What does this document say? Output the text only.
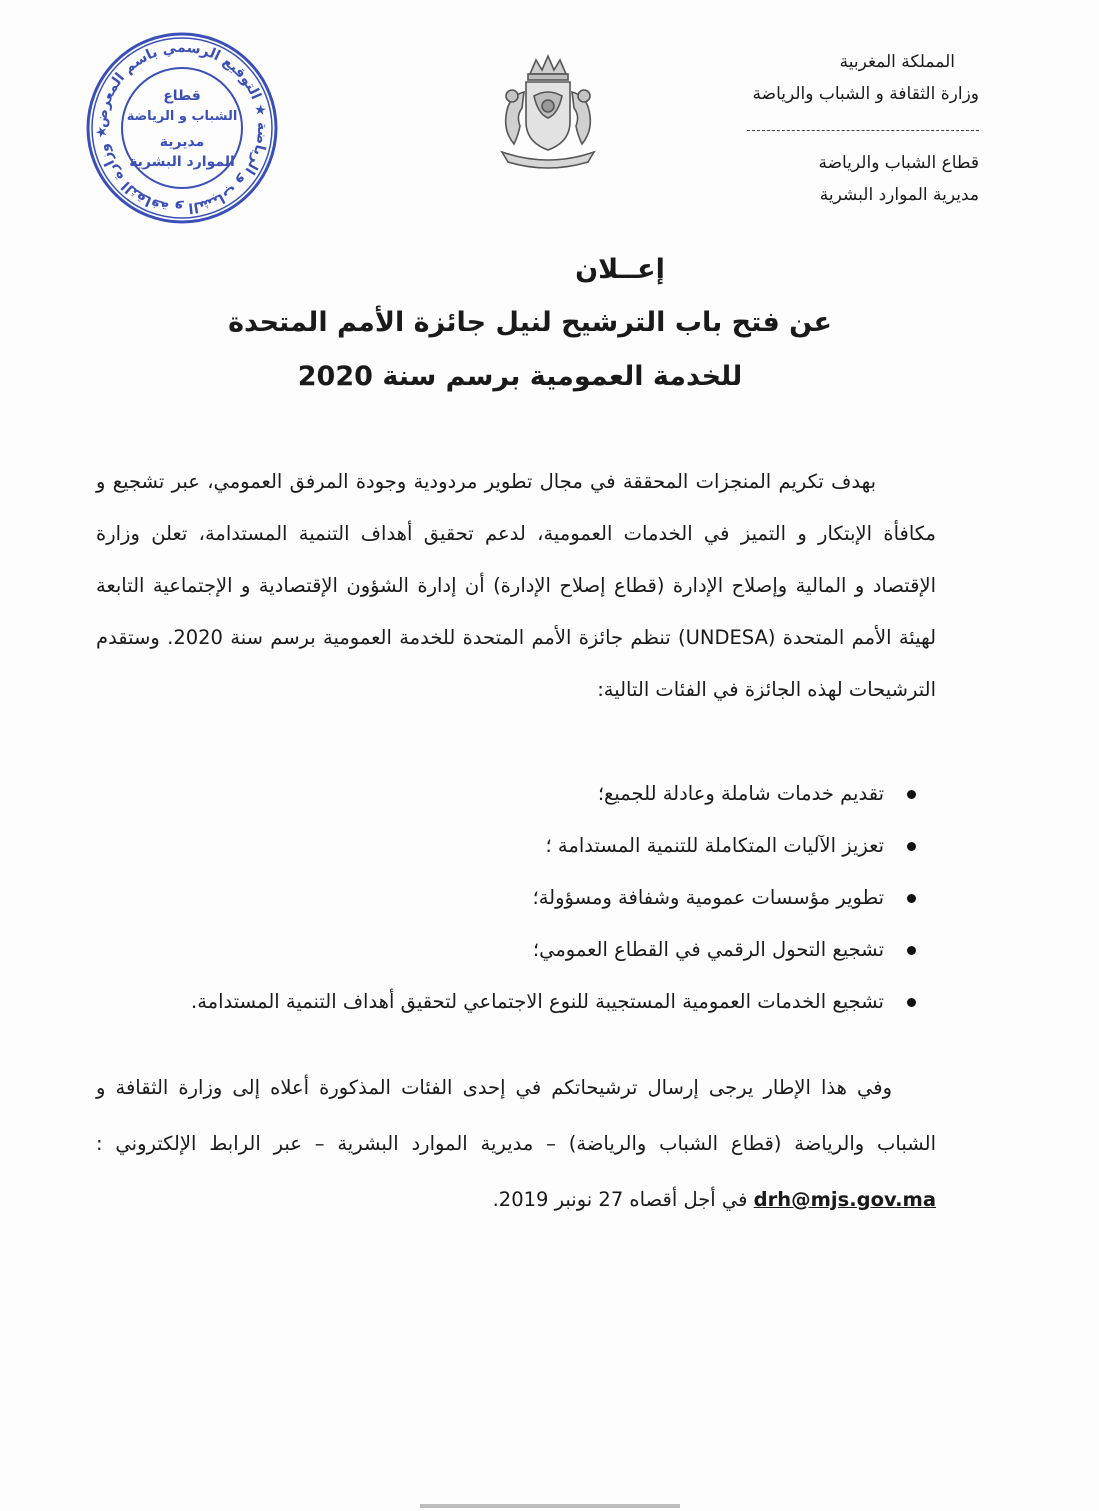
وزارة الثقافة و الشباب و الرياضة ★ التوقيع الرسمي باسم المعرض ★
قطاع
الشباب و الرياضة
مديرية
الموارد البشرية
المملكة المغربية
وزارة الثقافة و الشباب والرياضة
قطاع الشباب والرياضة
مديرية الموارد البشرية
إعــلان
عن فتح باب الترشيح لنيل جائزة الأمم المتحدة
للخدمة العمومية برسم سنة 2020

بهدف تكريم المنجزات المحققة في مجال تطوير مردودية وجودة المرفق العمومي، عبر تشجيع و مكافأة الإبتكار و التميز في الخدمات العمومية، لدعم تحقيق أهداف التنمية المستدامة، تعلن وزارة الإقتصاد و المالية وإصلاح الإدارة (قطاع إصلاح الإدارة) أن إدارة الشؤون الإقتصادية و الإجتماعية التابعة لهيئة الأمم المتحدة (UNDESA) تنظم جائزة الأمم المتحدة للخدمة العمومية برسم سنة 2020. وستقدم الترشيحات لهذه الجائزة في الفئات التالية:

تقديم خدمات شاملة وعادلة للجميع؛
تعزيز الآليات المتكاملة للتنمية المستدامة ؛
تطوير مؤسسات عمومية وشفافة ومسؤولة؛
تشجيع التحول الرقمي في القطاع العمومي؛
تشجيع الخدمات العمومية المستجيبة للنوع الاجتماعي لتحقيق أهداف التنمية المستدامة.

وفي هذا الإطار يرجى إرسال ترشيحاتكم في إحدى الفئات المذكورة أعلاه إلى وزارة الثقافة و الشباب والرياضة (قطاع الشباب والرياضة) – مديرية الموارد البشرية – عبر الرابط الإلكتروني : drh@mjs.gov.ma في أجل أقصاه 27 نونبر 2019.
